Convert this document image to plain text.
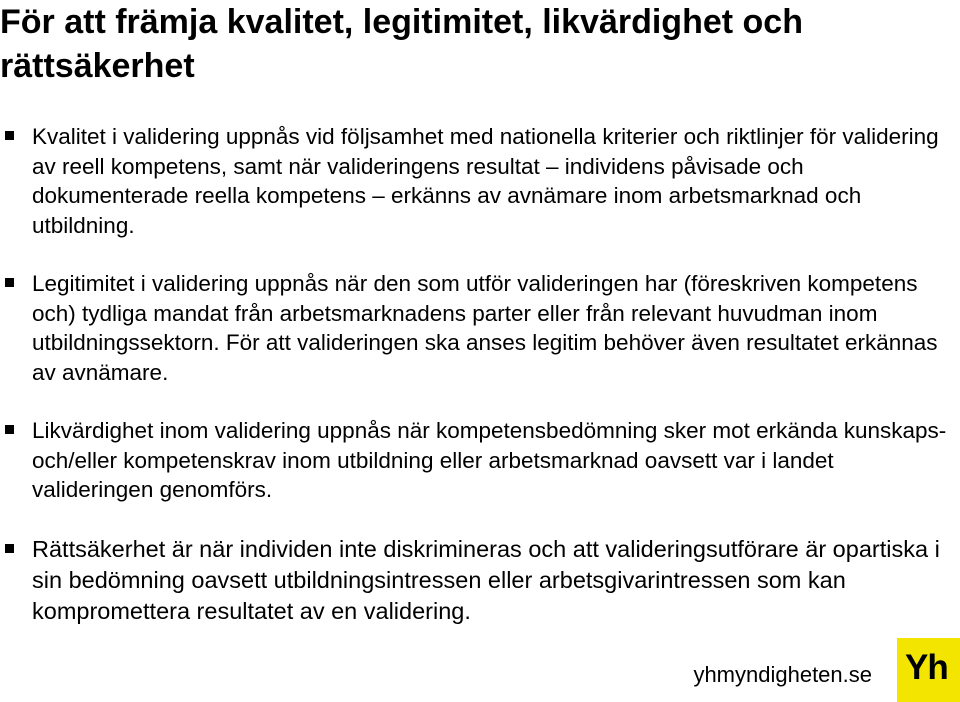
För att främja kvalitet, legitimitet, likvärdighet och rättsäkerhet
Kvalitet i validering uppnås vid följsamhet med nationella kriterier och riktlinjer för validering av reell kompetens, samt när valideringens resultat – individens påvisade och dokumenterade reella kompetens – erkänns av avnämare inom arbetsmarknad och utbildning.
Legitimitet i validering uppnås när den som utför valideringen har (föreskriven kompetens och) tydliga mandat från arbetsmarknadens parter eller från relevant huvudman inom utbildningssektorn. För att valideringen ska anses legitim behöver även resultatet erkännas av avnämare.
Likvärdighet inom validering uppnås när kompetensbedömning sker mot erkända kunskaps- och/eller kompetenskrav inom utbildning eller arbetsmarknad oavsett var i landet valideringen genomförs.
Rättsäkerhet är när individen inte diskrimineras och att valideringsutförare är opartiska i sin bedömning oavsett utbildningsintressen eller arbetsgivarintressen som kan kompromettera resultatet av en validering.
yhmyndigheten.se Yh
